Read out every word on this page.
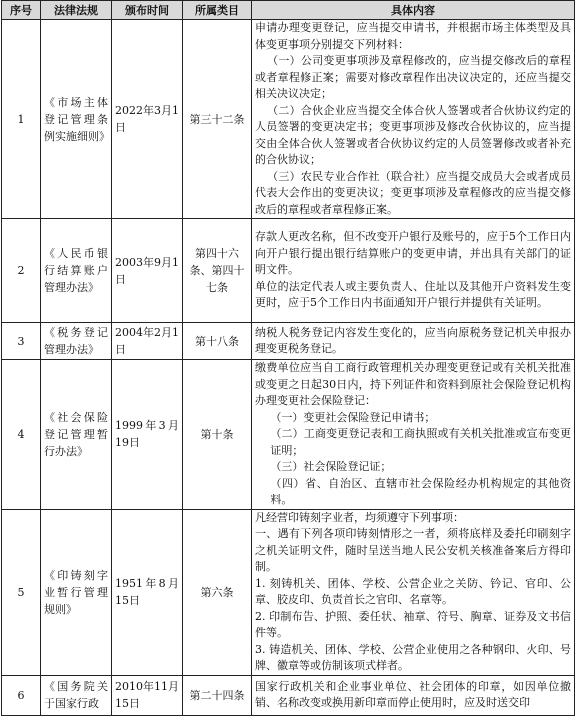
序号	法律法规	颁布时间	所属类目	具体内容
1	《市场主体登记管理条例实施细则》	2022年3月1日	第三十二条	申请办理变更登记，应当提交申请书，并根据市场主体类型及具体变更事项分别提交下列材料：
（一）公司变更事项涉及章程修改的，应当提交修改后的章程或者章程修正案；需要对修改章程作出决议决定的，还应当提交相关决议决定；
（二）合伙企业应当提交全体合伙人签署或者合伙协议约定的人员签署的变更决定书；变更事项涉及修改合伙协议的，应当提交由全体合伙人签署或者合伙协议约定的人员签署修改或者补充的合伙协议；
（三）农民专业合作社（联合社）应当提交成员大会或者成员代表大会作出的变更决议；变更事项涉及章程修改的应当提交修改后的章程或者章程修正案。

2	《人民币银行结算账户管理办法》	2003年9月1日	第四十六条、第四十七条	存款人更改名称，但不改变开户银行及账号的，应于5个工作日内向开户银行提出银行结算账户的变更申请，并出具有关部门的证明文件。
单位的法定代表人或主要负责人、住址以及其他开户资料发生变更时，应于5个工作日内书面通知开户银行并提供有关证明。

3	《税务登记管理办法》	2004年2月1日	第十八条	纳税人税务登记内容发生变化的，应当向原税务登记机关申报办理变更税务登记。

4	《社会保险登记管理暂行办法》	1999年3月19日	第十条	缴费单位应当自工商行政管理机关办理变更登记或有关机关批准或变更之日起30日内，持下列证件和资料到原社会保险登记机构办理变更社会保险登记：
（一）变更社会保险登记申请书；
（二）工商变更登记表和工商执照或有关机关批准或宣布变更证明；
（三）社会保险登记证；
（四）省、自治区、直辖市社会保险经办机构规定的其他资料。

5	《印铸刻字业暂行管理规则》	1951年8月15日	第六条	凡经营印铸刻字业者，均须遵守下列事项：
一、遇有下列各项印铸刻情形之一者，须将底样及委托印刷刻字之机关证明文件，随时呈送当地人民公安机关核准备案后方得印制。
1. 刻铸机关、团体、学校、公营企业之关防、钤记、官印、公章、胶皮印、负责首长之官印、名章等。
2. 印制布告、护照、委任状、袖章、符号、胸章、证券及文书信件等。
3. 铸造机关、团体、学校、公营企业使用之各种钢印、火印、号牌、徽章等或仿制该项式样者。

6	《国务院关于国家行政	2010年11月15日	第二十四条	国家行政机关和企业事业单位、社会团体的印章，如因单位撤销、名称改变或换用新印章而停止使用时，应及时送交印
